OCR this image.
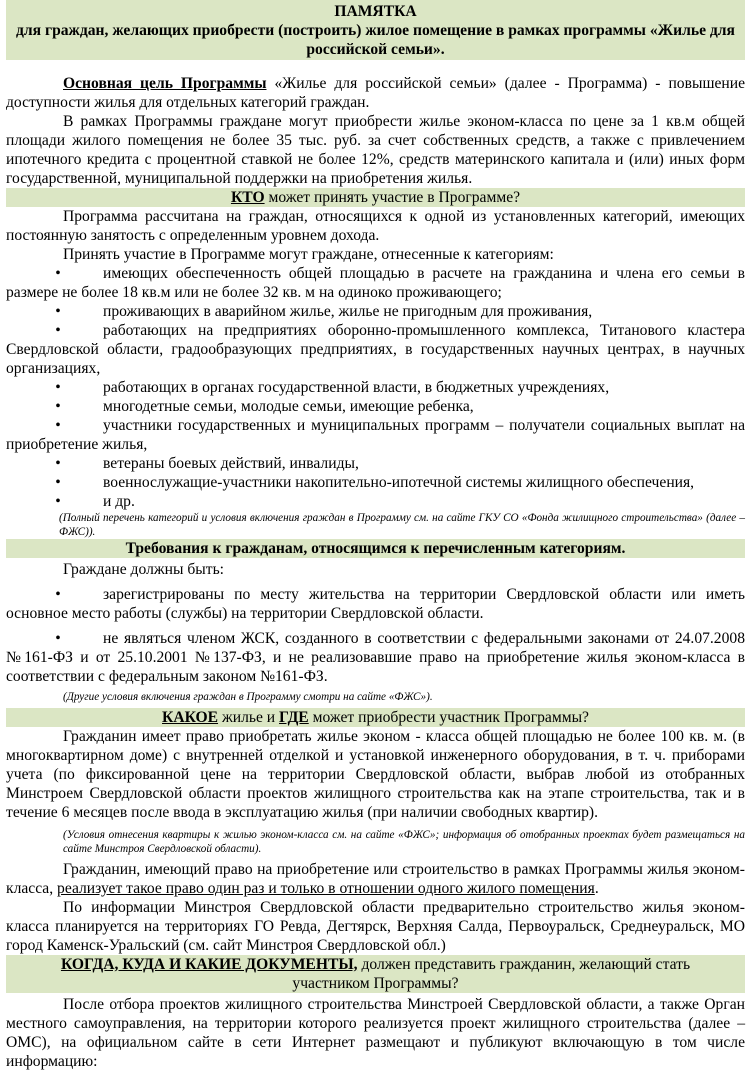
ПАМЯТКА
для граждан, желающих приобрести (построить) жилое помещение в рамках программы «Жилье для российской семьи».

Основная цель Программы «Жилье для российской семьи» (далее - Программа) - повышение доступности жилья для отдельных категорий граждан.

В рамках Программы граждане могут приобрести жилье эконом-класса по цене за 1 кв.м общей площади жилого помещения не более 35 тыс. руб. за счет собственных средств, а также с привлечением ипотечного кредита с процентной ставкой не более 12%, средств материнского капитала и (или) иных форм государственной, муниципальной поддержки на приобретения жилья.

КТО может принять участие в Программе?

Программа рассчитана на граждан, относящихся к одной из установленных категорий, имеющих постоянную занятость с определенным уровнем дохода.

Принять участие в Программе могут граждане, отнесенные к категориям:

•	имеющих обеспеченность общей площадью в расчете на гражданина и члена его семьи в размере не более 18 кв.м или не более 32 кв. м на одиноко проживающего;

•	проживающих в аварийном жилье, жилье не пригодным для проживания,

•	работающих на предприятиях оборонно-промышленного комплекса, Титанового кластера Свердловской области, градообразующих предприятиях, в государственных научных центрах, в научных организациях,

•	работающих в органах государственной власти, в бюджетных учреждениях,

•	многодетные семьи, молодые семьи, имеющие ребенка,

•	участники государственных и муниципальных программ – получатели социальных выплат на приобретение жилья,

•	ветераны боевых действий, инвалиды,

•	военнослужащие-участники накопительно-ипотечной системы жилищного обеспечения,

•	и др.

(Полный перечень категорий и условия включения граждан в Программу см. на сайте ГКУ СО «Фонда жилищного строительства» (далее – ФЖС)).

Требования к гражданам, относящимся к перечисленным категориям.

Граждане должны быть:

•	зарегистрированы по месту жительства на территории Свердловской области или иметь основное место работы (службы) на территории Свердловской области.

•	не являться членом ЖСК, созданного в соответствии с федеральными законами от 24.07.2008 №161-ФЗ и от 25.10.2001 №137-ФЗ, и не реализовавшие право на приобретение жилья эконом-класса в соответствии с федеральным законом №161-ФЗ.

(Другие условия включения граждан в Программу смотри на сайте «ФЖС»).

КАКОЕ жилье и ГДЕ может приобрести участник Программы?

Гражданин имеет право приобретать жилье эконом - класса общей площадью не более 100 кв. м. (в многоквартирном доме) с внутренней отделкой и установкой инженерного оборудования, в т. ч. приборами учета (по фиксированной цене на территории Свердловской области, выбрав любой из отобранных Минстроем Свердловской области проектов жилищного строительства как на этапе строительства, так и в течение 6 месяцев после ввода в эксплуатацию жилья (при наличии свободных квартир).

(Условия отнесения квартиры к жилью эконом-класса см. на сайте «ФЖС»; информация об отобранных проектах будет размещаться на сайте Минстроя Свердловской области).

Гражданин, имеющий право на приобретение или строительство в рамках Программы жилья эконом-класса, реализует такое право один раз и только в отношении одного жилого помещения.

По информации Минстроя Свердловской области предварительно строительство жилья эконом-класса планируется на территориях ГО Ревда, Дегтярск, Верхняя Салда, Первоуральск, Среднеуральск, МО город Каменск-Уральский (см. сайт Минстроя Свердловской обл.)

КОГДА, КУДА И КАКИЕ ДОКУМЕНТЫ, должен представить гражданин, желающий стать участником Программы?

После отбора проектов жилищного строительства Минстроей Свердловской области, а также Орган местного самоуправления, на территории которого реализуется проект жилищного строительства (далее – ОМС), на официальном сайте в сети Интернет размещают и публикуют включающую в том числе информацию:
